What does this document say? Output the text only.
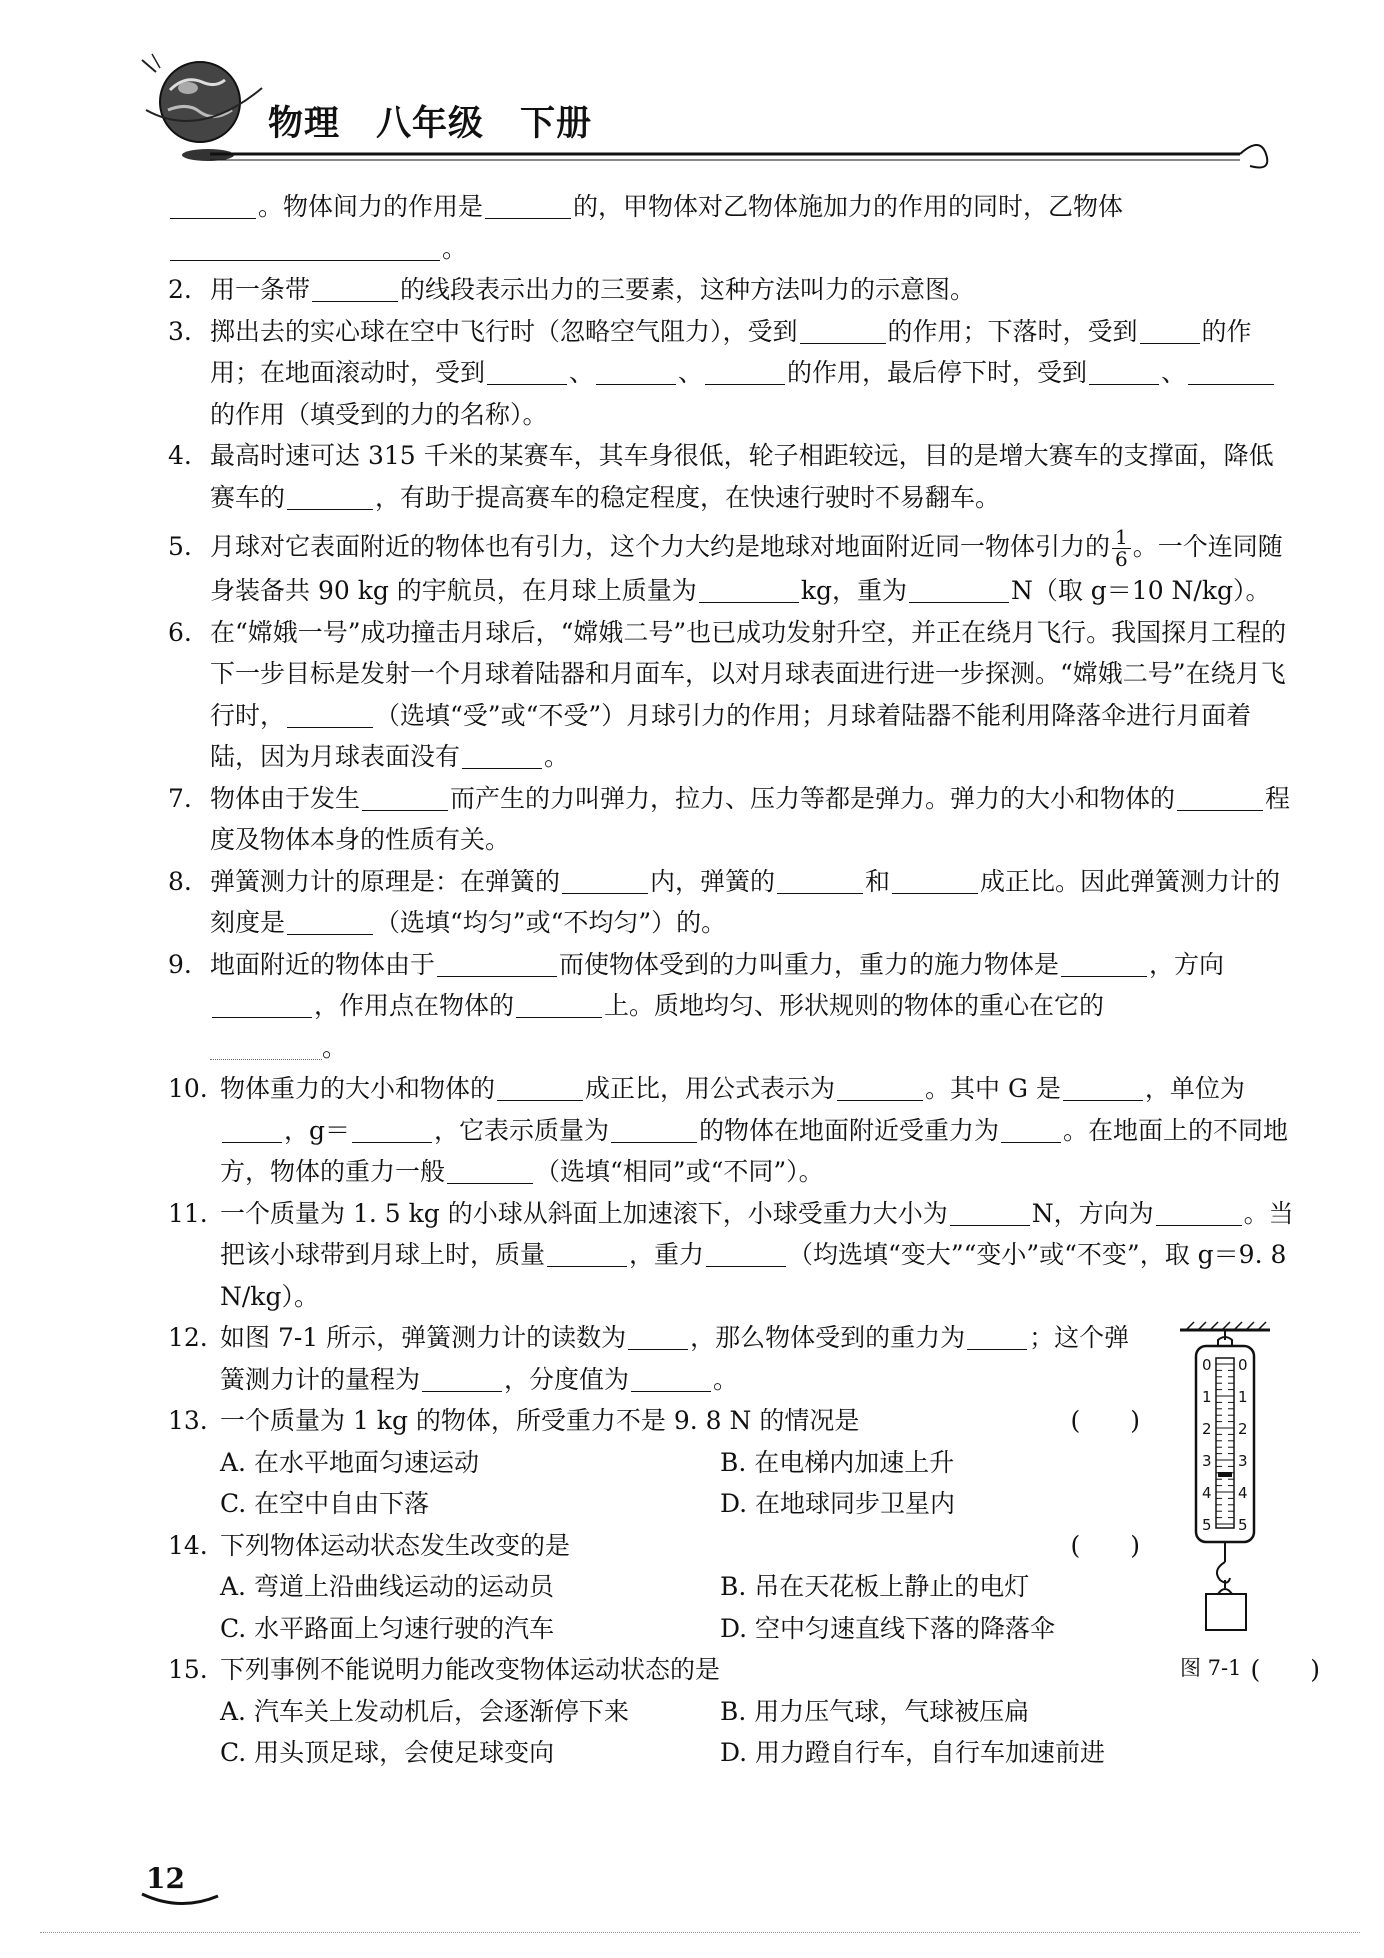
物理　八年级　下册
。物体间力的作用是	的，甲物体对乙物体施加力的作用的同时，乙物体
。
2. 用一条带	的线段表示出力的三要素，这种方法叫力的示意图。
3. 掷出去的实心球在空中飞行时（忽略空气阻力），受到	的作用；下落时，受到	的作用；在地面滚动时，受到	、	、	的作用，最后停下时，受到	、的作用（填受到的力的名称）。
4. 最高时速可达 315 千米的某赛车，其车身很低，轮子相距较远，目的是增大赛车的支撑面，降低赛车的	，有助于提高赛车的稳定程度，在快速行驶时不易翻车。
5. 月球对它表面附近的物体也有引力，这个力大约是地球对地面附近同一物体引力的 $\frac{1}{6}$ 。一个连同随身装备共 90 kg 的宇航员，在月球上质量为	kg，重为	N（取 g＝10 N/kg）。
6. 在“嫦娥一号”成功撞击月球后，“嫦娥二号”也已成功发射升空，并正在绕月飞行。我国探月工程的下一步目标是发射一个月球着陆器和月面车，以对月球表面进行进一步探测。“嫦娥二号”在绕月飞行时，	（选填“受”或“不受”）月球引力的作用；月球着陆器不能利用降落伞进行月面着陆，因为月球表面没有	。
7. 物体由于发生	而产生的力叫弹力，拉力、压力等都是弹力。弹力的大小和物体的	程度及物体本身的性质有关。
8. 弹簧测力计的原理是：在弹簧的	内，弹簧的	和	成正比。因此弹簧测力计的刻度是	（选填“均匀”或“不均匀”）的。
9. 地面附近的物体由于	而使物体受到的力叫重力，重力的施力物体是	，方向，作用点在物体的	上。质地均匀、形状规则的物体的重心在它的
。
10. 物体重力的大小和物体的	成正比，用公式表示为	。其中 G 是	，单位为，g＝	，它表示质量为	的物体在地面附近受重力为	。在地面上的不同地方，物体的重力一般	（选填“相同”或“不同”）。
11. 一个质量为 1. 5 kg 的小球从斜面上加速滚下，小球受重力大小为	N，方向为	。当把该小球带到月球上时，质量	，重力	（均选填“变大”“变小”或“不变”，取 g＝9. 8 N/kg）。
12. 如图 7-1 所示，弹簧测力计的读数为	，那么物体受到的重力为	；这个弹簧测力计的量程为	，分度值为	。
13. 一个质量为 1 kg 的物体，所受重力不是 9. 8 N 的情况是	(　　)
A. 在水平地面匀速运动	B. 在电梯内加速上升
C. 在空中自由下落	D. 在地球同步卫星内
14. 下列物体运动状态发生改变的是	(　　)
A. 弯道上沿曲线运动的运动员	B. 吊在天花板上静止的电灯
C. 水平路面上匀速行驶的汽车	D. 空中匀速直线下落的降落伞
15. 下列事例不能说明力能改变物体运动状态的是	(　　)
A. 汽车关上发动机后，会逐渐停下来	B. 用力压气球，气球被压扁
C. 用头顶足球，会使足球变向	D. 用力蹬自行车，自行车加速前进
0
1
2
3
4
5
0
1
2
3
4
5
图 7-1
12
